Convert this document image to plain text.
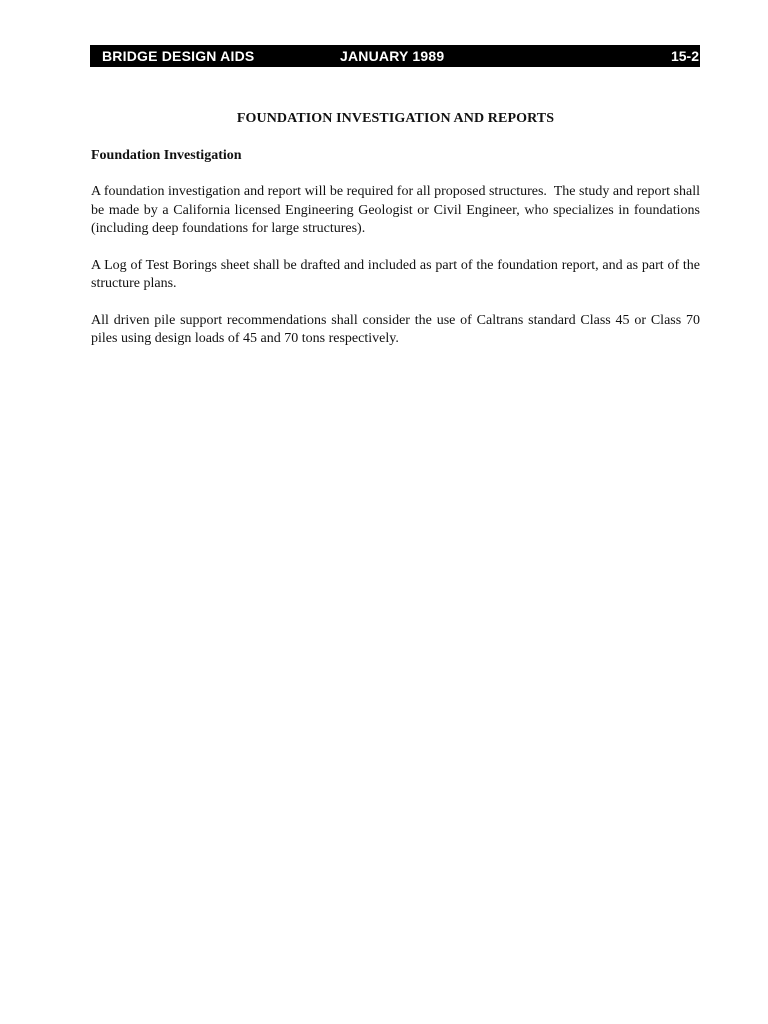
BRIDGE DESIGN AIDS	JANUARY 1989	15-2
FOUNDATION INVESTIGATION AND REPORTS
Foundation Investigation

A foundation investigation and report will be required for all proposed structures.  The study and report shall be made by a California licensed Engineering Geologist or Civil Engineer, who specializes in foundations (including deep foundations for large structures).

A Log of Test Borings sheet shall be drafted and included as part of the foundation report, and as part of the structure plans.

All driven pile support recommendations shall consider the use of Caltrans standard Class 45 or Class 70 piles using design loads of 45 and 70 tons respectively.
